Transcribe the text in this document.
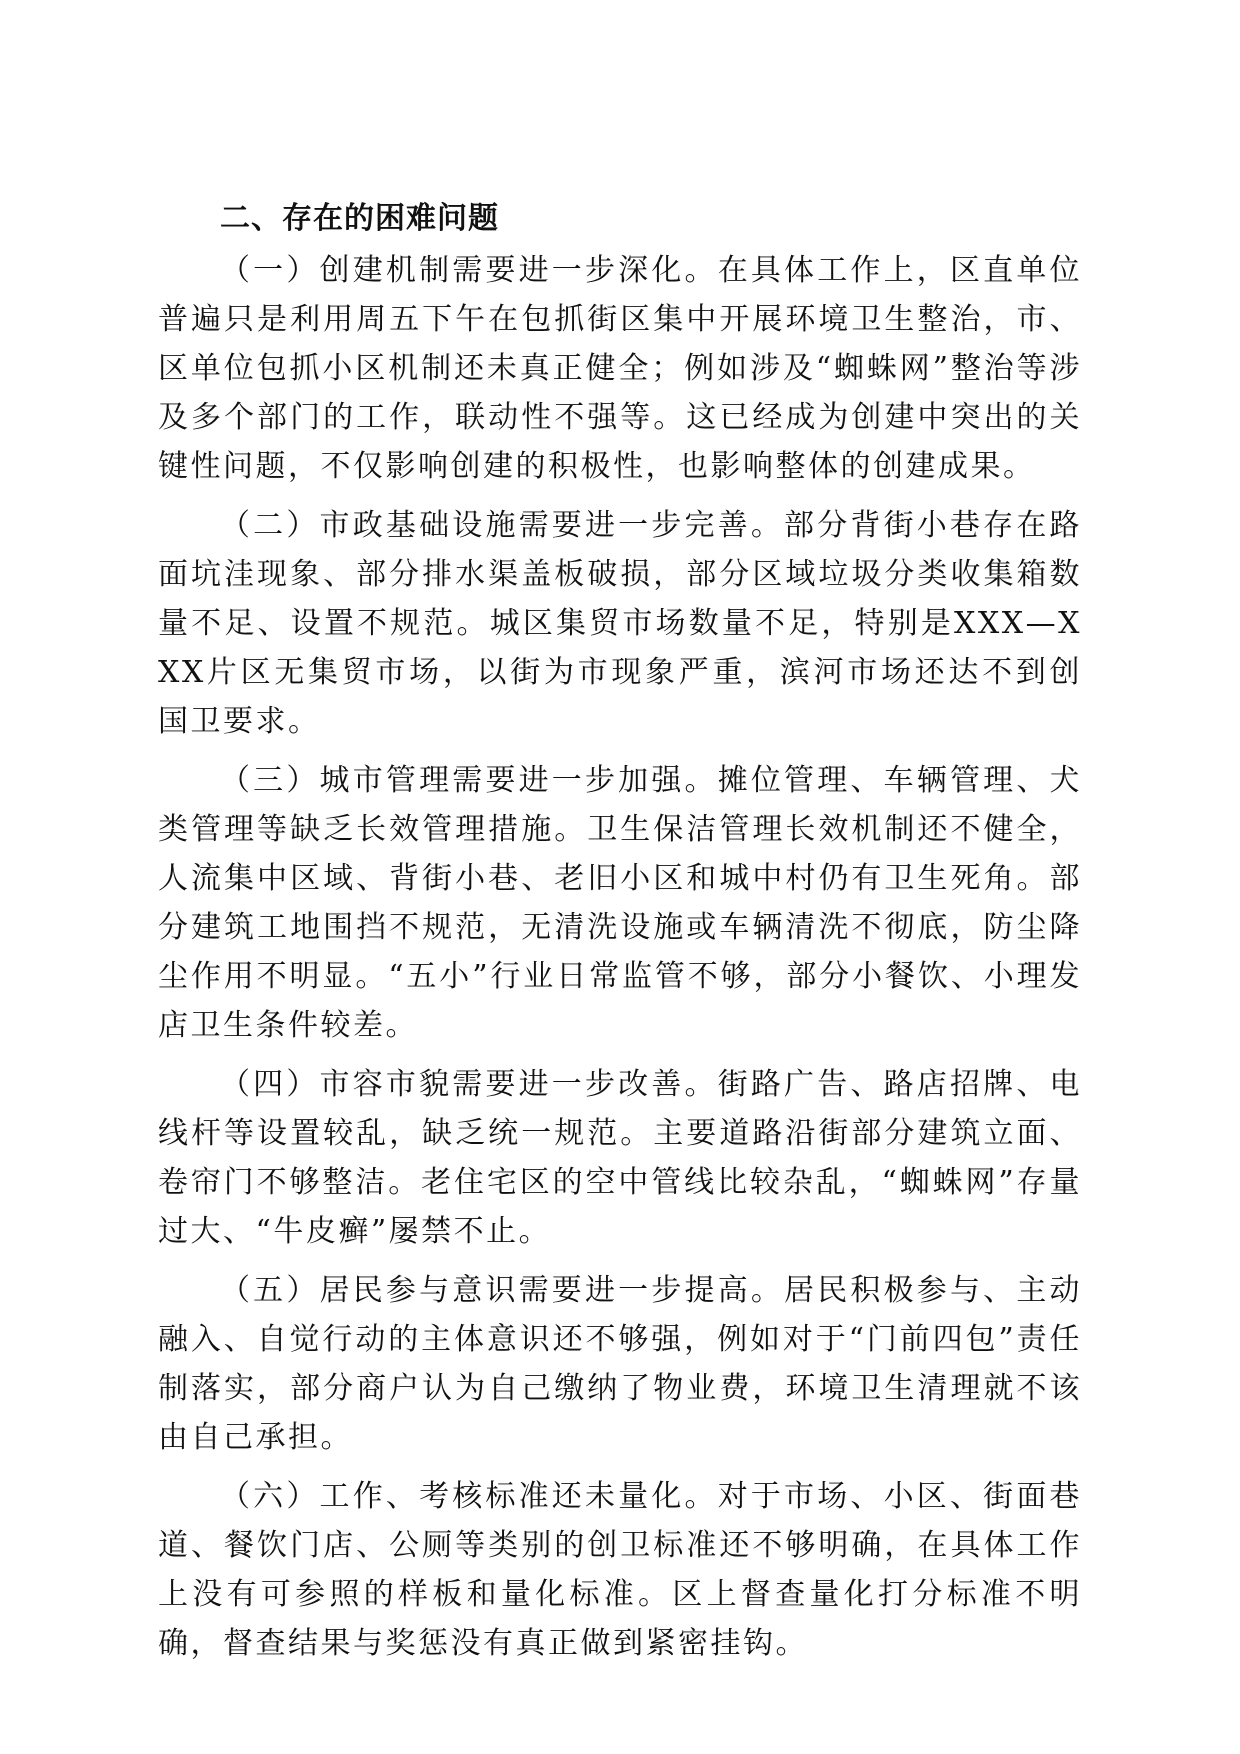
二、存在的困难问题

（一）创建机制需要进一步深化。在具体工作上，区直单位普遍只是利用周五下午在包抓街区集中开展环境卫生整治，市、区单位包抓小区机制还未真正健全；例如涉及“蜘蛛网”整治等涉及多个部门的工作，联动性不强等。这已经成为创建中突出的关键性问题，不仅影响创建的积极性，也影响整体的创建成果。

（二）市政基础设施需要进一步完善。部分背街小巷存在路面坑洼现象、部分排水渠盖板破损，部分区域垃圾分类收集箱数量不足、设置不规范。城区集贸市场数量不足，特别是XXX—XXX片区无集贸市场，以街为市现象严重，滨河市场还达不到创国卫要求。

（三）城市管理需要进一步加强。摊位管理、车辆管理、犬类管理等缺乏长效管理措施。卫生保洁管理长效机制还不健全，人流集中区域、背街小巷、老旧小区和城中村仍有卫生死角。部分建筑工地围挡不规范，无清洗设施或车辆清洗不彻底，防尘降尘作用不明显。“五小”行业日常监管不够，部分小餐饮、小理发店卫生条件较差。

（四）市容市貌需要进一步改善。街路广告、路店招牌、电线杆等设置较乱，缺乏统一规范。主要道路沿街部分建筑立面、卷帘门不够整洁。老住宅区的空中管线比较杂乱，“蜘蛛网”存量过大、“牛皮癣”屡禁不止。

（五）居民参与意识需要进一步提高。居民积极参与、主动融入、自觉行动的主体意识还不够强，例如对于“门前四包”责任制落实，部分商户认为自己缴纳了物业费，环境卫生清理就不该由自己承担。

（六）工作、考核标准还未量化。对于市场、小区、街面巷道、餐饮门店、公厕等类别的创卫标准还不够明确，在具体工作上没有可参照的样板和量化标准。区上督查量化打分标准不明确，督查结果与奖惩没有真正做到紧密挂钩。
